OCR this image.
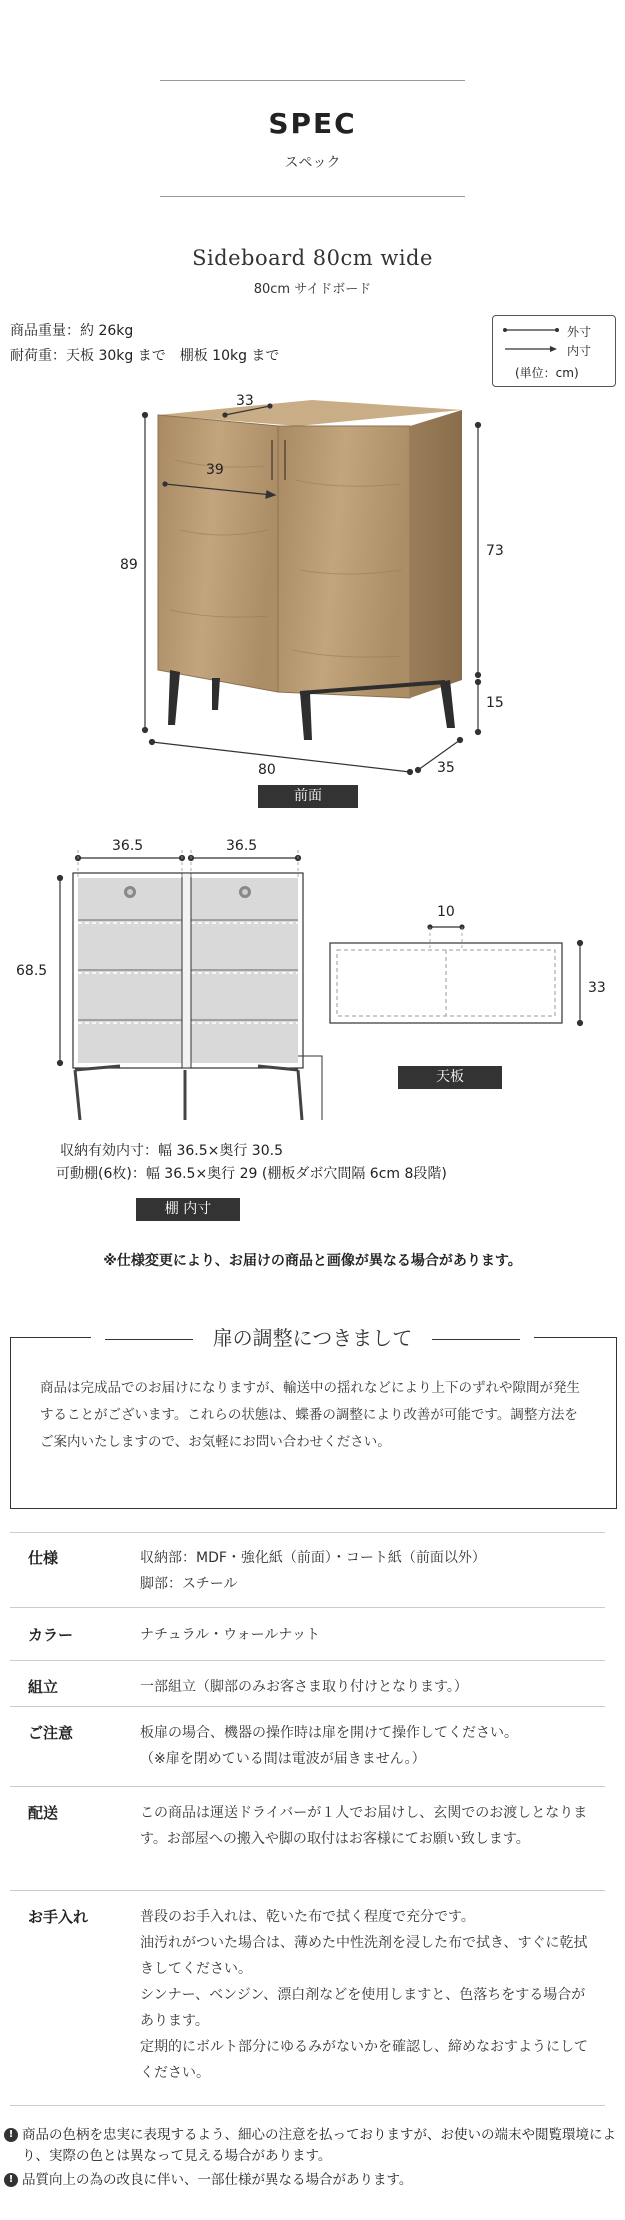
SPEC
スペック
Sideboard 80cm wide
80cm サイドボード
商品重量：約 26kg
耐荷重：天板 30kg まで　棚板 10kg まで
外寸
内寸
(単位：cm)
33
39
89
73
15
80	35
前面
36.5	36.5
68.5
10
33
天板
収納有効内寸：幅 36.5×奥行 30.5
可動棚(6枚)：幅 36.5×奥行 29 (棚板ダボ穴間隔 6cm 8段階)
棚 内寸
※仕様変更により、お届けの商品と画像が異なる場合があります。
扉の調整につきまして
商品は完成品でのお届けになりますが、輸送中の揺れなどにより上下のずれや隙間が発生することがございます。これらの状態は、蝶番の調整により改善が可能です。調整方法をご案内いたしますので、お気軽にお問い合わせください。
仕様	収納部：MDF・強化紙（前面）・コート紙（前面以外）
脚部：スチール
カラー	ナチュラル・ウォールナット
組立	一部組立（脚部のみお客さま取り付けとなります。）
ご注意	板扉の場合、機器の操作時は扉を開けて操作してください。
（※扉を閉めている間は電波が届きません。）
配送	この商品は運送ドライバーが１人でお届けし、玄関でのお渡しとなります。お部屋への搬入や脚の取付はお客様にてお願い致します。
お手入れ	普段のお手入れは、乾いた布で拭く程度で充分です。
油汚れがついた場合は、薄めた中性洗剤を浸した布で拭き、すぐに乾拭きしてください。
シンナー、ベンジン、漂白剤などを使用しますと、色落ちをする場合があります。
定期的にボルト部分にゆるみがないかを確認し、締めなおすようにしてください。
! 商品の色柄を忠実に表現するよう、細心の注意を払っておりますが、お使いの端末や閲覧環境により、実際の色とは異なって見える場合があります。
! 品質向上の為の改良に伴い、一部仕様が異なる場合があります。
